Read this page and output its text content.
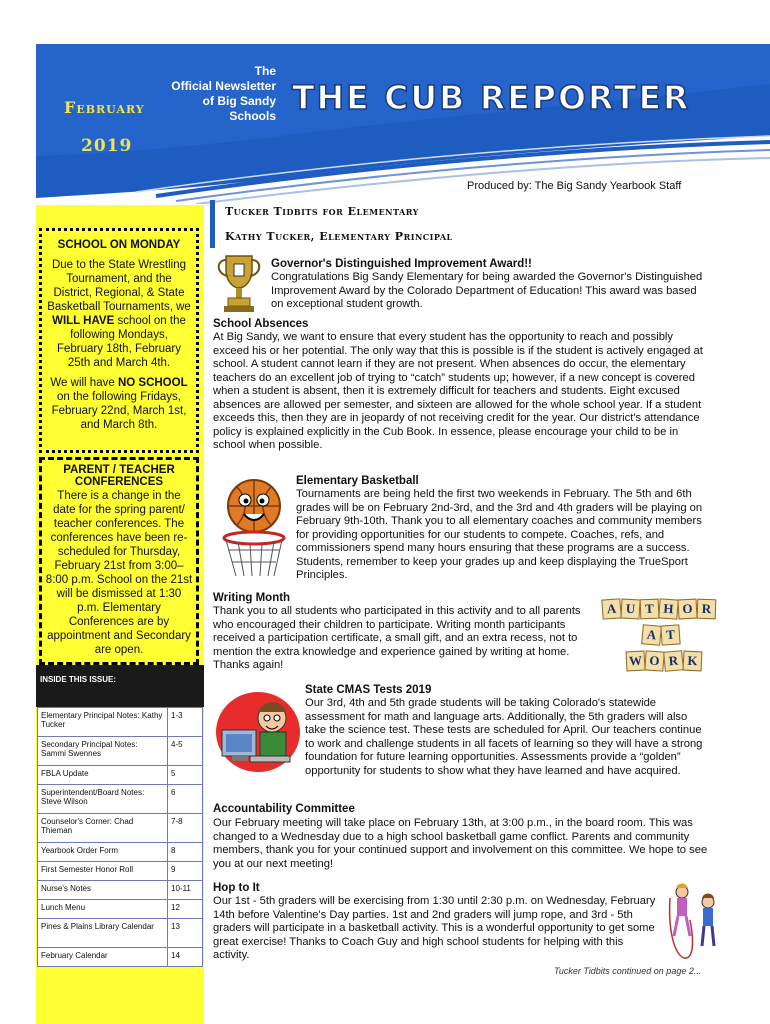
February
2019
The
Official Newsletter
of Big Sandy
Schools THE CUB REPORTER
Produced by: The Big Sandy Yearbook Staff
SCHOOL ON MONDAY
Due to the State Wrestling Tournament, and the District, Regional, & State Basketball Tournaments, we WILL HAVE school on the following Mondays, February 18th, February 25th and March 4th.
We will have NO SCHOOL on the following Fridays, February 22nd, March 1st, and March 8th.
PARENT / TEACHER CONFERENCES
There is a change in the date for the spring parent/ teacher conferences. The conferences have been re-scheduled for Thursday, February 21st from 3:00–8:00 p.m. School on the 21st will be dismissed at 1:30 p.m. Elementary Conferences are by appointment and Secondary are open.
INSIDE THIS ISSUE:
Elementary Principal Notes: Kathy Tucker	1-3
Secondary Principal Notes: Sammi Swennes	4-5
FBLA Update	5
Superintendent/Board Notes: Steve Wilson	6
Counselor's Corner: Chad Thieman	7-8
Yearbook Order Form	8
First Semester Honor Roll	9
Nurse's Notes	10-11
Lunch Menu	12
Pines & Plains Library Calendar	13
February Calendar	14
Tucker Tidbits for Elementary
Kathy Tucker, Elementary Principal
Governor's Distinguished Improvement Award!!
Congratulations Big Sandy Elementary for being awarded the Governor's Distinguished Improvement Award by the Colorado Department of Education! This award was based on exceptional student growth.
School Absences
At Big Sandy, we want to ensure that every student has the opportunity to reach and possibly exceed his or her potential. The only way that this is possible is if the student is actively engaged at school. A student cannot learn if they are not present. When absences do occur, the elementary teachers do an excellent job of trying to “catch” students up; however, if a new concept is covered when a student is absent, then it is extremely difficult for teachers and students. Eight excused absences are allowed per semester, and sixteen are allowed for the whole school year. If a student exceeds this, then they are in jeopardy of not receiving credit for the year. Our district's attendance policy is explained explicitly in the Cub Book. In essence, please encourage your child to be in school when possible.
Elementary Basketball
Tournaments are being held the first two weekends in February. The 5th and 6th grades will be on February 2nd-3rd, and the 3rd and 4th graders will be playing on February 9th-10th. Thank you to all elementary coaches and community members for providing opportunities for our students to compete. Coaches, refs, and commissioners spend many hours ensuring that these programs are a success. Students, remember to keep your grades up and keep displaying the TrueSport Principles.
Writing Month
Thank you to all students who participated in this activity and to all parents who encouraged their children to participate. Writing month participants received a participation certificate, a small gift, and an extra recess, not to mention the extra knowledge and experience gained by writing at home. Thanks again!
A U T H O R
A T
W O R K
State CMAS Tests 2019
Our 3rd, 4th and 5th grade students will be taking Colorado's statewide assessment for math and language arts. Additionally, the 5th graders will also take the science test. These tests are scheduled for April. Our teachers continue to work and challenge students in all facets of learning so they will have a strong foundation for future learning opportunities. Assessments provide a “golden” opportunity for students to show what they have learned and have acquired.
Accountability Committee
Our February meeting will take place on February 13th, at 3:00 p.m., in the board room. This was changed to a Wednesday due to a high school basketball game conflict. Parents and community members, thank you for your continued support and involvement on this committee. We hope to see you at our next meeting!
Hop to It
Our 1st - 5th graders will be exercising from 1:30 until 2:30 p.m. on Wednesday, February 14th before Valentine's Day parties. 1st and 2nd graders will jump rope, and 3rd - 5th graders will participate in a basketball activity. This is a wonderful opportunity to get some great exercise! Thanks to Coach Guy and high school students for helping with this activity.
Tucker Tidbits continued on page 2...
